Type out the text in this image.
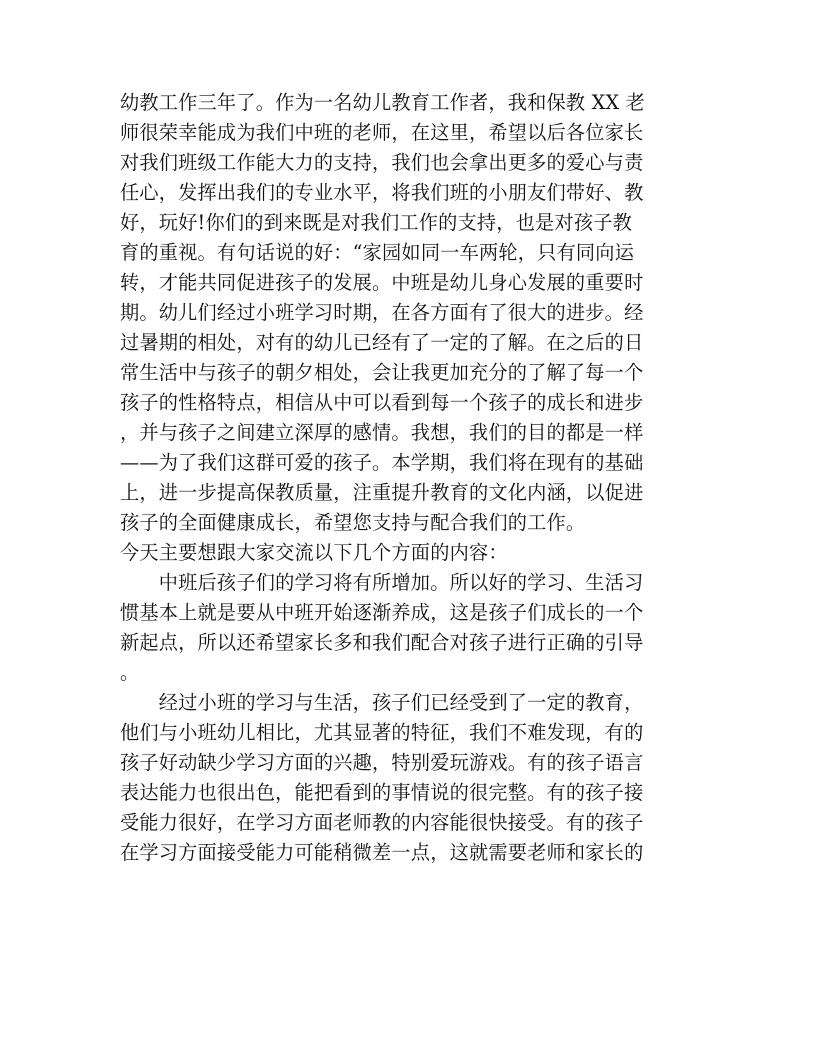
幼教工作三年了。作为一名幼儿教育工作者，我和保教 XX 老
师很荣幸能成为我们中班的老师，在这里，希望以后各位家长
对我们班级工作能大力的支持，我们也会拿出更多的爱心与责
任心，发挥出我们的专业水平，将我们班的小朋友们带好、教
好，玩好!你们的到来既是对我们工作的支持，也是对孩子教
育的重视。有句话说的好：“家园如同一车两轮，只有同向运
转，才能共同促进孩子的发展。中班是幼儿身心发展的重要时
期。幼儿们经过小班学习时期，在各方面有了很大的进步。经
过暑期的相处，对有的幼儿已经有了一定的了解。在之后的日
常生活中与孩子的朝夕相处，会让我更加充分的了解了每一个
孩子的性格特点，相信从中可以看到每一个孩子的成长和进步
，并与孩子之间建立深厚的感情。我想，我们的目的都是一样
——为了我们这群可爱的孩子。本学期，我们将在现有的基础
上，进一步提高保教质量，注重提升教育的文化内涵，以促进
孩子的全面健康成长，希望您支持与配合我们的工作。
今天主要想跟大家交流以下几个方面的内容：
　　中班后孩子们的学习将有所增加。所以好的学习、生活习
惯基本上就是要从中班开始逐渐养成，这是孩子们成长的一个
新起点，所以还希望家长多和我们配合对孩子进行正确的引导
。
　　经过小班的学习与生活，孩子们已经受到了一定的教育，
他们与小班幼儿相比，尤其显著的特征，我们不难发现，有的
孩子好动缺少学习方面的兴趣，特别爱玩游戏。有的孩子语言
表达能力也很出色，能把看到的事情说的很完整。有的孩子接
受能力很好，在学习方面老师教的内容能很快接受。有的孩子
在学习方面接受能力可能稍微差一点，这就需要老师和家长的
